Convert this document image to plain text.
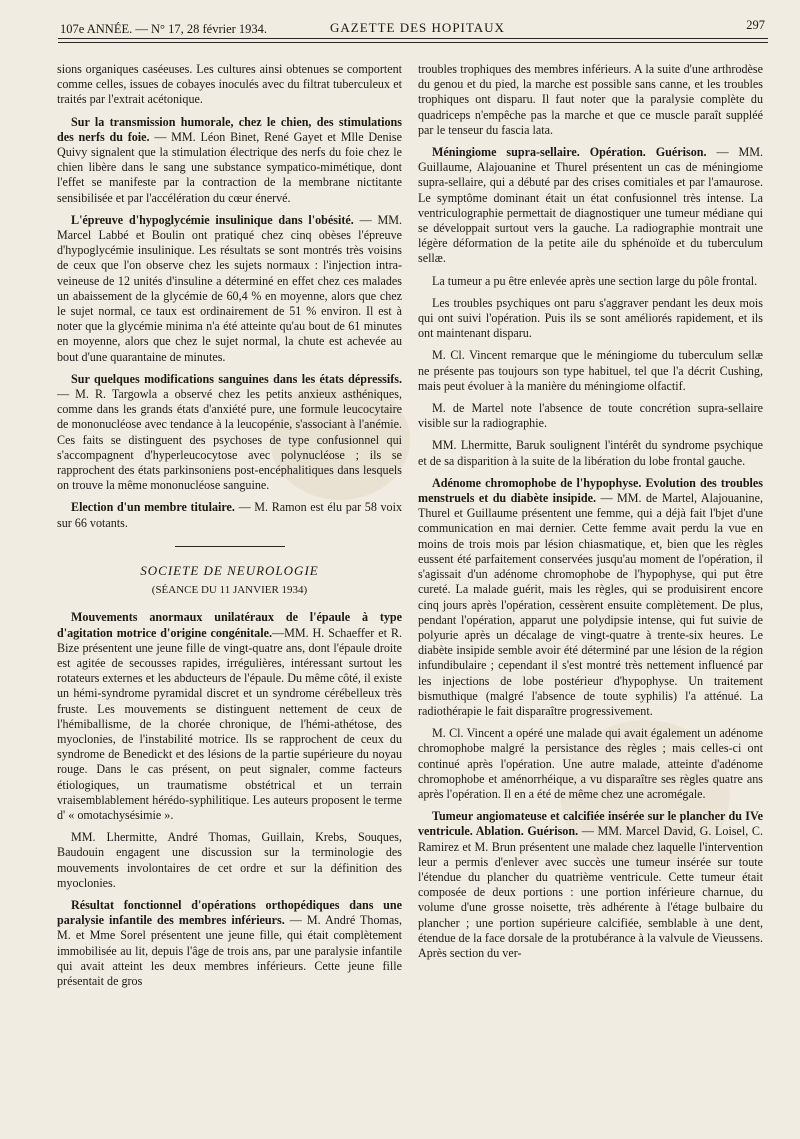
107e ANNÉE. — N° 17, 28 février 1934.	GAZETTE DES HOPITAUX	297

sions organiques caséeuses. Les cultures ainsi obtenues se comportent comme celles, issues de cobayes inoculés avec du filtrat tuberculeux et traités par l'extrait acétonique.

Sur la transmission humorale, chez le chien, des stimulations des nerfs du foie. — MM. Léon Binet, René Gayet et Mlle Denise Quivy signalent que la stimulation électrique des nerfs du foie chez le chien libère dans le sang une substance sympatico-mimétique, dont l'effet se manifeste par la contraction de la membrane nictitante sensibilisée et par l'accélération du cœur énervé.

L'épreuve d'hypoglycémie insulinique dans l'obésité. — MM. Marcel Labbé et Boulin ont pratiqué chez cinq obèses l'épreuve d'hypoglycémie insulinique. Les résultats se sont montrés très voisins de ceux que l'on observe chez les sujets normaux : l'injection intra-veineuse de 12 unités d'insuline a déterminé en effet chez ces malades un abaissement de la glycémie de 60,4 % en moyenne, alors que chez le sujet normal, ce taux est ordinairement de 51 % environ. Il est à noter que la glycémie minima n'a été atteinte qu'au bout de 61 minutes en moyenne, alors que chez le sujet normal, la chute est achevée au bout d'une quarantaine de minutes.

Sur quelques modifications sanguines dans les états dépressifs. — M. R. Targowla a observé chez les petits anxieux asthéniques, comme dans les grands états d'anxiété pure, une formule leucocytaire de mononucléose avec tendance à la leucopénie, s'associant à l'anémie. Ces faits se distinguent des psychoses de type confusionnel qui s'accompagnent d'hyperleucocytose avec polynucléose ; ils se rapprochent des états parkinsoniens post-encéphalitiques dans lesquels on trouve la même mononucléose sanguine.

Election d'un membre titulaire. — M. Ramon est élu par 58 voix sur 66 votants.

SOCIETE DE NEUROLOGIE
(SÉANCE DU 11 JANVIER 1934)

Mouvements anormaux unilatéraux de l'épaule à type d'agitation motrice d'origine congénitale.—MM. H. Schaeffer et R. Bize présentent une jeune fille de vingt-quatre ans, dont l'épaule droite est agitée de secousses rapides, irrégulières, intéressant surtout les rotateurs externes et les abducteurs de l'épaule. Du même côté, il existe un hémi-syndrome pyramidal discret et un syndrome cérébelleux très fruste. Les mouvements se distinguent nettement de ceux de l'hémiballisme, de la chorée chronique, de l'hémi-athétose, des myoclonies, de l'instabilité motrice. Ils se rapprochent de ceux du syndrome de Benedickt et des lésions de la partie supérieure du noyau rouge. Dans le cas présent, on peut signaler, comme facteurs étiologiques, un traumatisme obstétrical et un terrain vraisemblablement hérédo-syphilitique. Les auteurs proposent le terme d' « omotachysésimie ».

MM. Lhermitte, André Thomas, Guillain, Krebs, Souques, Baudouin engagent une discussion sur la terminologie des mouvements involontaires de cet ordre et sur la définition des myoclonies.

Résultat fonctionnel d'opérations orthopédiques dans une paralysie infantile des membres inférieurs. — M. André Thomas, M. et Mme Sorel présentent une jeune fille, qui était complètement immobilisée au lit, depuis l'âge de trois ans, par une paralysie infantile qui avait atteint les deux membres inférieurs. Cette jeune fille présentait de gros

troubles trophiques des membres inférieurs. A la suite d'une arthrodèse du genou et du pied, la marche est possible sans canne, et les troubles trophiques ont disparu. Il faut noter que la paralysie complète du quadriceps n'empêche pas la marche et que ce muscle paraît suppléé par le tenseur du fascia lata.

Méningiome supra-sellaire. Opération. Guérison. — MM. Guillaume, Alajouanine et Thurel présentent un cas de méningiome supra-sellaire, qui a débuté par des crises comitiales et par l'amaurose. Le symptôme dominant était un état confusionnel très intense. La ventriculographie permettait de diagnostiquer une tumeur médiane qui se développait surtout vers la gauche. La radiographie montrait une légère déformation de la petite aile du sphénoïde et du tuberculum sellæ.

La tumeur a pu être enlevée après une section large du pôle frontal.

Les troubles psychiques ont paru s'aggraver pendant les deux mois qui ont suivi l'opération. Puis ils se sont améliorés rapidement, et ils ont maintenant disparu.

M. Cl. Vincent remarque que le méningiome du tuberculum sellæ ne présente pas toujours son type habituel, tel que l'a décrit Cushing, mais peut évoluer à la manière du méningiome olfactif.

M. de Martel note l'absence de toute concrétion supra-sellaire visible sur la radiographie.

MM. Lhermitte, Baruk soulignent l'intérêt du syndrome psychique et de sa disparition à la suite de la libération du lobe frontal gauche.

Adénome chromophobe de l'hypophyse. Evolution des troubles menstruels et du diabète insipide. — MM. de Martel, Alajouanine, Thurel et Guillaume présentent une femme, qui a déjà fait l'bjet d'une communication en mai dernier. Cette femme avait perdu la vue en moins de trois mois par lésion chiasmatique, et, bien que les règles eussent été parfaitement conservées jusqu'au moment de l'opération, il s'agissait d'un adénome chromophobe de l'hypophyse, qui put être cureté. La malade guérit, mais les règles, qui se produisirent encore cinq jours après l'opération, cessèrent ensuite complètement. De plus, pendant l'opération, apparut une polydipsie intense, qui fut suivie de polyurie après un décalage de vingt-quatre à trente-six heures. Le diabète insipide semble avoir été déterminé par une lésion de la région infundibulaire ; cependant il s'est montré très nettement influencé par les injections de lobe postérieur d'hypophyse. Un traitement bismuthique (malgré l'absence de toute syphilis) l'a atténué. La radiothérapie le fait disparaître progressivement.

M. Cl. Vincent a opéré une malade qui avait également un adénome chromophobe malgré la persistance des règles ; mais celles-ci ont continué après l'opération. Une autre malade, atteinte d'adénome chromophobe et aménorrhéique, a vu disparaître ses règles quatre ans après l'opération. Il en a été de même chez une acromégale.

Tumeur angiomateuse et calcifiée insérée sur le plancher du IVe ventricule. Ablation. Guérison. — MM. Marcel David, G. Loisel, C. Ramirez et M. Brun présentent une malade chez laquelle l'intervention leur a permis d'enlever avec succès une tumeur insérée sur toute l'étendue du plancher du quatrième ventricule. Cette tumeur était composée de deux portions : une portion inférieure charnue, du volume d'une grosse noisette, très adhérente à l'étage bulbaire du plancher ; une portion supérieure calcifiée, semblable à une dent, étendue de la face dorsale de la protubérance à la valvule de Vieussens. Après section du ver-
